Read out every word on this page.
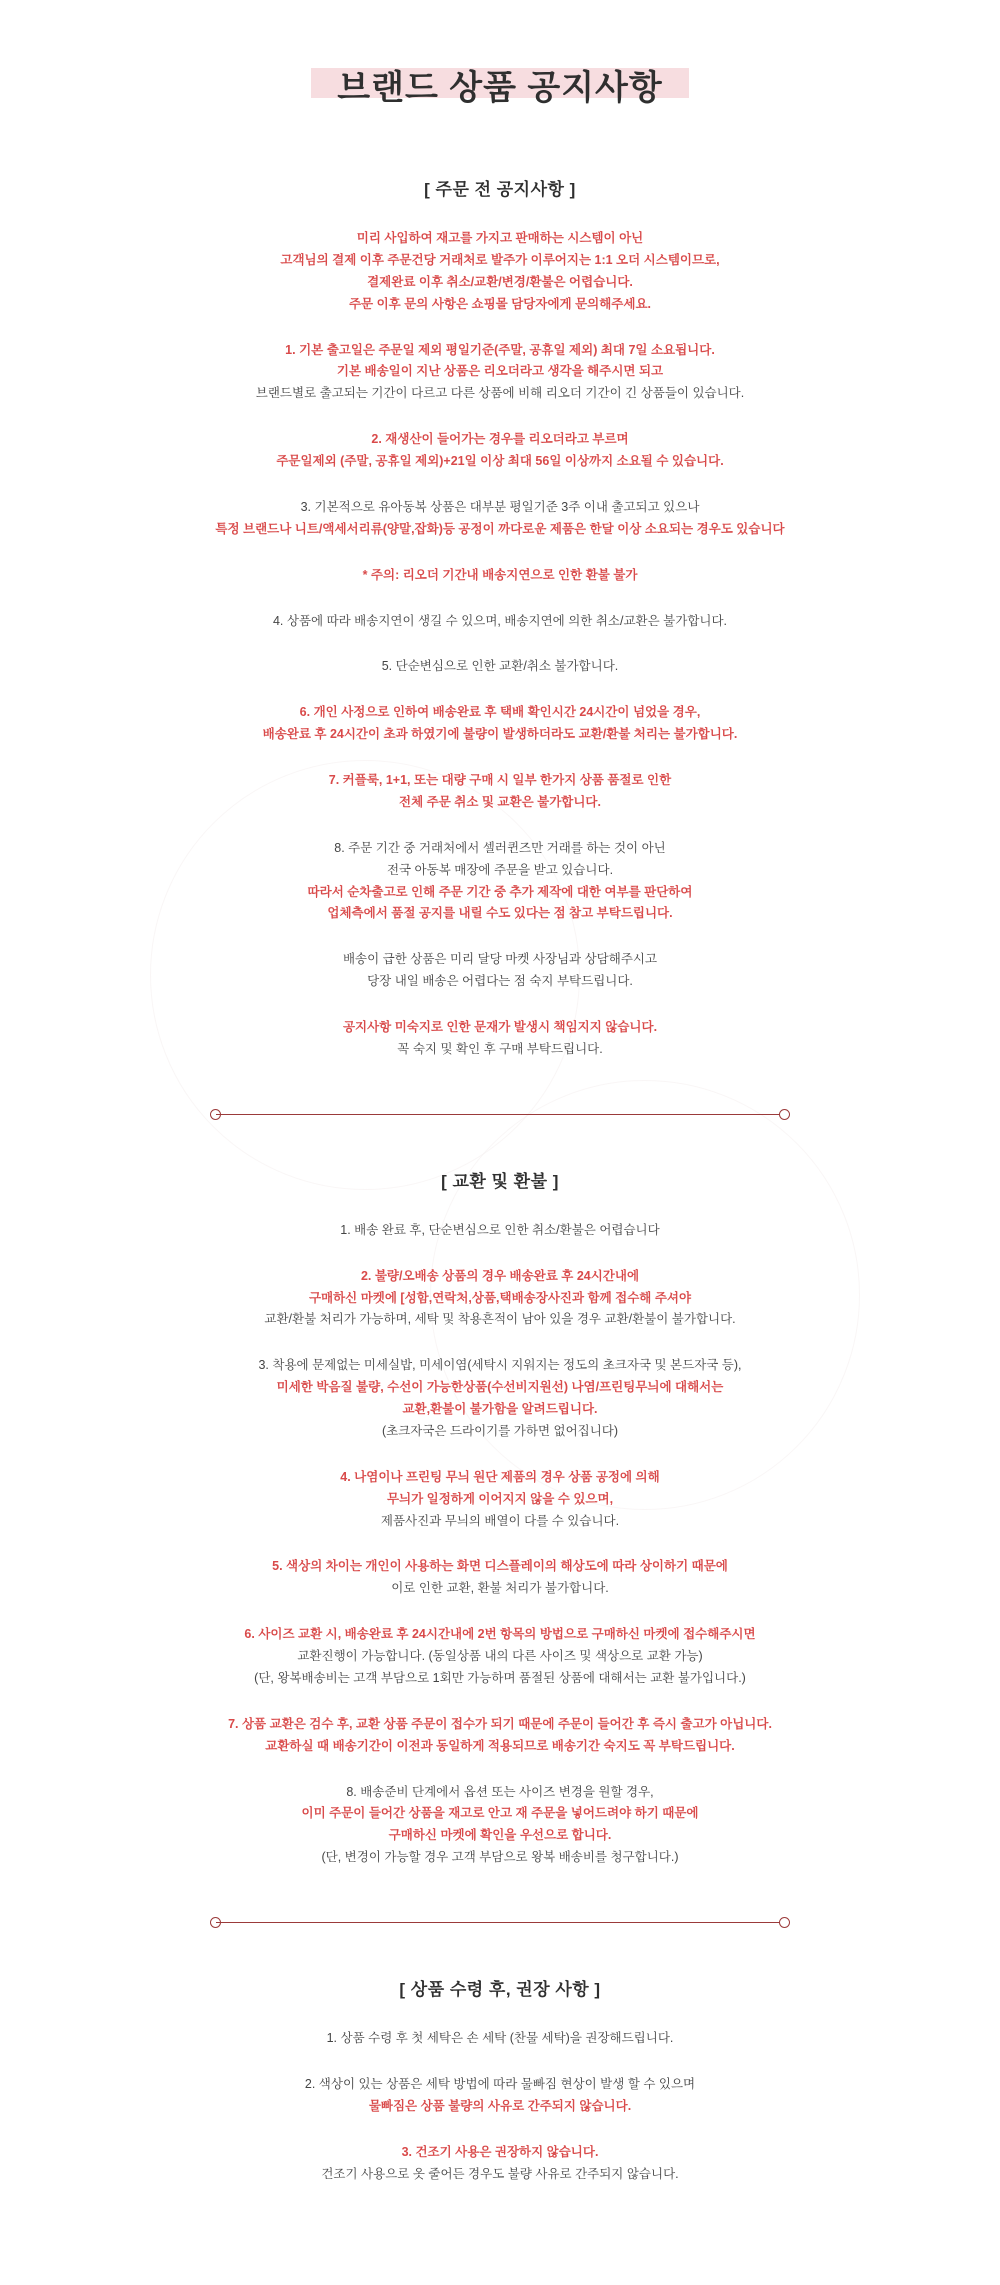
브랜드 상품 공지사항
[ 주문 전 공지사항 ]
미리 사입하여 재고를 가지고 판매하는 시스템이 아닌
고객님의 결제 이후 주문건당 거래처로 발주가 이루어지는 1:1 오더 시스템이므로,
결제완료 이후 취소/교환/변경/환불은 어렵습니다.
주문 이후 문의 사항은 쇼핑몰 담당자에게 문의해주세요.
1. 기본 출고일은 주문일 제외 평일기준(주말, 공휴일 제외) 최대 7일 소요됩니다.
기본 배송일이 지난 상품은 리오더라고 생각을 해주시면 되고
브랜드별로 출고되는 기간이 다르고 다른 상품에 비해 리오더 기간이 긴 상품들이 있습니다.
2. 재생산이 들어가는 경우를 리오더라고 부르며
주문일제외 (주말, 공휴일 제외)+21일 이상 최대 56일 이상까지 소요될 수 있습니다.
3. 기본적으로 유아동복 상품은 대부분 평일기준 3주 이내 출고되고 있으나
특정 브랜드나 니트/액세서리류(양말,잡화)등 공정이 까다로운 제품은 한달 이상 소요되는 경우도 있습니다
* 주의: 리오더 기간내 배송지연으로 인한 환불 불가
4. 상품에 따라 배송지연이 생길 수 있으며, 배송지연에 의한 취소/교환은 불가합니다.
5. 단순변심으로 인한 교환/취소 불가합니다.
6. 개인 사정으로 인하여 배송완료 후 택배 확인시간 24시간이 넘었을 경우,
배송완료 후 24시간이 초과 하였기에 불량이 발생하더라도 교환/환불 처리는 불가합니다.
7. 커플룩, 1+1, 또는 대량 구매 시 일부 한가지 상품 품절로 인한
전체 주문 취소 및 교환은 불가합니다.
8. 주문 기간 중 거래처에서 셀러퀸즈만 거래를 하는 것이 아닌
전국 아동복 매장에 주문을 받고 있습니다.
따라서 순차출고로 인해 주문 기간 중 추가 제작에 대한 여부를 판단하여
업체측에서 품절 공지를 내릴 수도 있다는 점 참고 부탁드립니다.
배송이 급한 상품은 미리 달당 마켓 사장님과 상담해주시고
당장 내일 배송은 어렵다는 점 숙지 부탁드립니다.
공지사항 미숙지로 인한 문재가 발생시 책임지지 않습니다.
꼭 숙지 및 확인 후 구매 부탁드립니다.
[ 교환 및 환불 ]
1. 배송 완료 후, 단순변심으로 인한 취소/환불은 어렵습니다
2. 불량/오배송 상품의 경우 배송완료 후 24시간내에
구매하신 마켓에 [성함,연락처,상품,택배송장사진과 함께 접수해 주셔야
교환/환불 처리가 가능하며, 세탁 및 착용흔적이 남아 있을 경우 교환/환불이 불가합니다.
3. 착용에 문제없는 미세실밥, 미세이염(세탁시 지워지는 정도의 초크자국 및 본드자국 등),
미세한 박음질 불량, 수선이 가능한상품(수선비지원선) 나염/프린팅무늬에 대해서는
교환,환불이 불가함을 알려드립니다.
(초크자국은 드라이기를 가하면 없어집니다)
4. 나염이나 프린팅 무늬 원단 제품의 경우 상품 공정에 의해
무늬가 일정하게 이어지지 않을 수 있으며,
제품사진과 무늬의 배열이 다를 수 있습니다.
5. 색상의 차이는 개인이 사용하는 화면 디스플레이의 해상도에 따라 상이하기 때문에
이로 인한 교환, 환불 처리가 불가합니다.
6. 사이즈 교환 시, 배송완료 후 24시간내에 2번 항목의 방법으로 구매하신 마켓에 접수해주시면
교환진행이 가능합니다. (동일상품 내의 다른 사이즈 및 색상으로 교환 가능)
(단, 왕복배송비는 고객 부담으로 1회만 가능하며 품절된 상품에 대해서는 교환 불가입니다.)
7. 상품 교환은 검수 후, 교환 상품 주문이 접수가 되기 때문에 주문이 들어간 후 즉시 출고가 아닙니다.
교환하실 때 배송기간이 이전과 동일하게 적용되므로 배송기간 숙지도 꼭 부탁드립니다.
8. 배송준비 단계에서 옵션 또는 사이즈 변경을 원할 경우,
이미 주문이 들어간 상품을 재고로 안고 재 주문을 넣어드려야 하기 때문에
구매하신 마켓에 확인을 우선으로 합니다.
(단, 변경이 가능할 경우 고객 부담으로 왕복 배송비를 청구합니다.)
[ 상품 수령 후, 권장 사항 ]
1. 상품 수령 후 첫 세탁은 손 세탁 (찬물 세탁)을 권장해드립니다.
2. 색상이 있는 상품은 세탁 방법에 따라 물빠짐 현상이 발생 할 수 있으며
물빠짐은 상품 불량의 사유로 간주되지 않습니다.
3. 건조기 사용은 권장하지 않습니다.
건조기 사용으로 옷 줄어든 경우도 불량 사유로 간주되지 않습니다.
